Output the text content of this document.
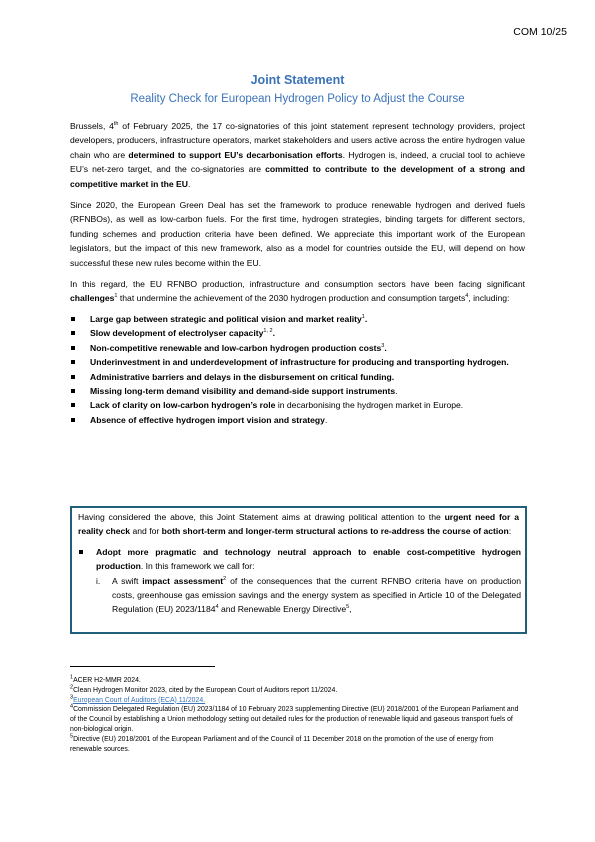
COM 10/25
Joint Statement
Reality Check for European Hydrogen Policy to Adjust the Course

Brussels, 4th of February 2025, the 17 co-signatories of this joint statement represent technology providers, project developers, producers, infrastructure operators, market stakeholders and users active across the entire hydrogen value chain who are determined to support EU’s decarbonisation efforts. Hydrogen is, indeed, a crucial tool to achieve EU’s net-zero target, and the co-signatories are committed to contribute to the development of a strong and competitive market in the EU.

Since 2020, the European Green Deal has set the framework to produce renewable hydrogen and derived fuels (RFNBOs), as well as low-carbon fuels. For the first time, hydrogen strategies, binding targets for different sectors, funding schemes and production criteria have been defined. We appreciate this important work of the European legislators, but the impact of this new framework, also as a model for countries outside the EU, will depend on how successful these new rules become within the EU.

In this regard, the EU RFNBO production, infrastructure and consumption sectors have been facing significant challenges$^1$ that undermine the achievement of the 2030 hydrogen production and consumption targets$^4$, including:

Large gap between strategic and political vision and market reality$^1$.
Slow development of electrolyser capacity$^{1, 2}$.
Non-competitive renewable and low-carbon hydrogen production costs$^3$.
Underinvestment in and underdevelopment of infrastructure for producing and transporting hydrogen.
Administrative barriers and delays in the disbursement on critical funding.
Missing long-term demand visibility and demand-side support instruments.
Lack of clarity on low-carbon hydrogen’s role in decarbonising the hydrogen market in Europe.
Absence of effective hydrogen import vision and strategy.

Having considered the above, this Joint Statement aims at drawing political attention to the urgent need for a reality check and for both short-term and longer-term structural actions to re-address the course of action:

Adopt more pragmatic and technology neutral approach to enable cost-competitive hydrogen production. In this framework we call for:
i. A swift impact assessment$^2$ of the consequences that the current RFNBO criteria have on production costs, greenhouse gas emission savings and the energy system as specified in Article 10 of the Delegated Regulation (EU) 2023/1184$^4$ and Renewable Energy Directive$^5$,
$^1$ACER H2-MMR 2024.
$^2$Clean Hydrogen Monitor 2023, cited by the European Court of Auditors report 11/2024.
$^3$European Court of Auditors (ECA) 11/2024.
$^4$Commission Delegated Regulation (EU) 2023/1184 of 10 February 2023 supplementing Directive (EU) 2018/2001 of the European Parliament and of the Council by establishing a Union methodology setting out detailed rules for the production of renewable liquid and gaseous transport fuels of non-biological origin.
$^5$Directive (EU) 2018/2001 of the European Parliament and of the Council of 11 December 2018 on the promotion of the use of energy from renewable sources.
